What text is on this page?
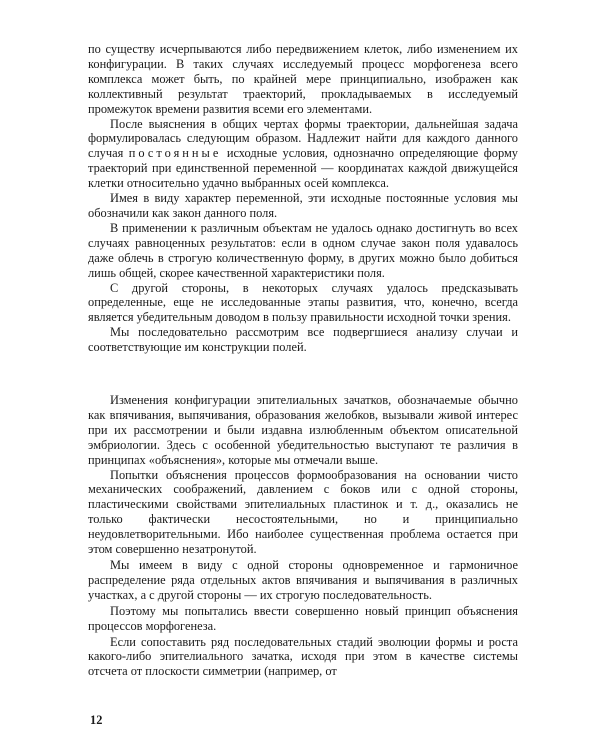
по существу исчерпываются либо передвижением клеток, либо изменением их конфигурации. В таких случаях исследуемый процесс морфогенеза всего комплекса может быть, по крайней мере принципиально, изображен как коллективный результат траекторий, прокладываемых в исследуемый промежуток времени развития всеми его элементами.

После выяснения в общих чертах формы траектории, дальнейшая задача формулировалась следующим образом. Надлежит найти для каждого данного случая постоянные исходные условия, однозначно определяющие форму траекторий при единственной переменной — координатах каждой движущейся клетки относительно удачно выбранных осей комплекса.

Имея в виду характер переменной, эти исходные постоянные условия мы обозначили как закон данного поля.

В применении к различным объектам не удалось однако достигнуть во всех случаях равноценных результатов: если в одном случае закон поля удавалось даже облечь в строгую количественную форму, в других можно было добиться лишь общей, скорее качественной характеристики поля.

С другой стороны, в некоторых случаях удалось предсказывать определенные, еще не исследованные этапы развития, что, конечно, всегда является убедительным доводом в пользу правильности исходной точки зрения.

Мы последовательно рассмотрим все подвергшиеся анализу случаи и соответствующие им конструкции полей.

Изменения конфигурации эпителиальных зачатков, обозначаемые обычно как впячивания, выпячивания, образования желобков, вызывали живой интерес при их рассмотрении и были издавна излюбленным объектом описательной эмбриологии. Здесь с особенной убедительностью выступают те различия в принципах «объяснения», которые мы отмечали выше.

Попытки объяснения процессов формообразования на основании чисто механических соображений, давлением с боков или с одной стороны, пластическими свойствами эпителиальных пластинок и т. д., оказались не только фактически несостоятельными, но и принципиально неудовлетворительными. Ибо наиболее существенная проблема остается при этом совершенно незатронутой.

Мы имеем в виду с одной стороны одновременное и гармоничное распределение ряда отдельных актов впячивания и выпячивания в различных участках, а с другой стороны — их строгую последовательность.

Поэтому мы попытались ввести совершенно новый принцип объяснения процессов морфогенеза.

Если сопоставить ряд последовательных стадий эволюции формы и роста какого-либо эпителиального зачатка, исходя при этом в качестве системы отсчета от плоскости симметрии (например, от

12
